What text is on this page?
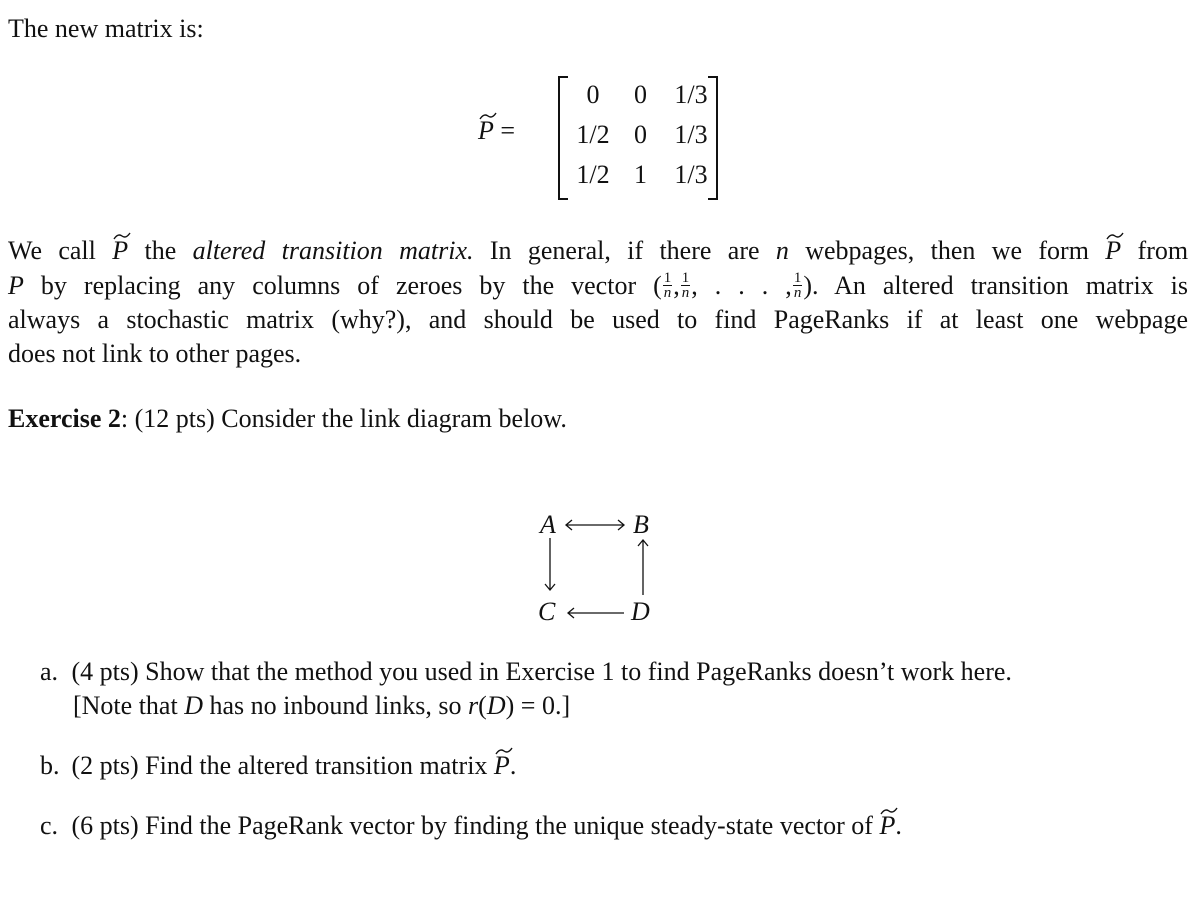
The new matrix is:
P =
0	0	1/3
1/2 0	1/3
1/2 1	1/3
We call P the altered transition matrix. In general, if there are n webpages, then we form P from
P by replacing any columns of zeroes by the vector ( $\frac{1}{n}$ , $\frac{1}{n}$ , . . . , $\frac{1}{n}$ ). An altered transition matrix is
always a stochastic matrix (why?), and should be used to find PageRanks if at least one webpage
does not link to other pages.
Exercise 2: (12 pts) Consider the link diagram below.
A	B
C	D
a. (4 pts) Show that the method you used in Exercise 1 to find PageRanks doesn’t work here.
[Note that D has no inbound links, so r(D) = 0.]
b. (2 pts) Find the altered transition matrix P.
c. (6 pts) Find the PageRank vector by finding the unique steady-state vector of P.
